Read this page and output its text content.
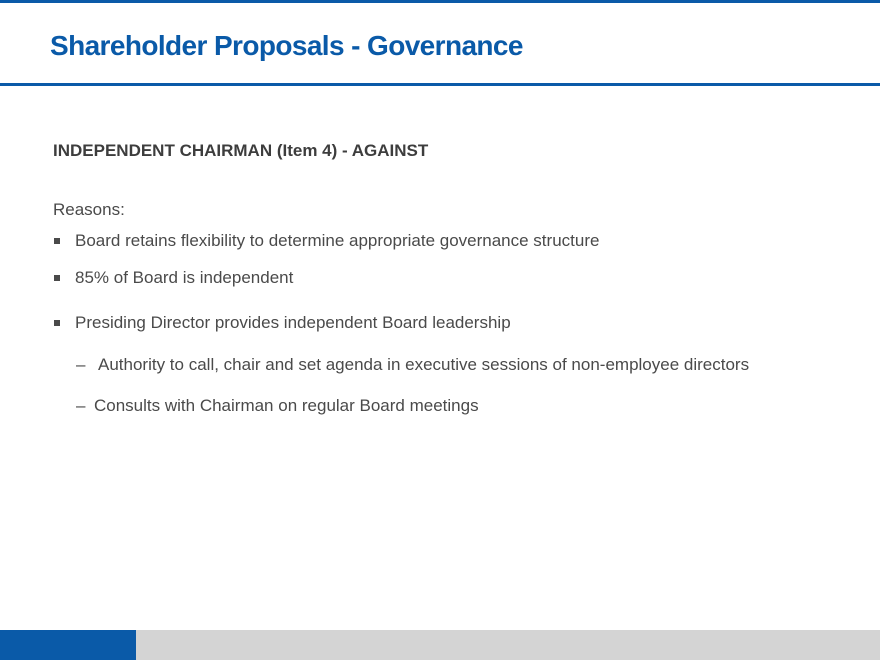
Shareholder Proposals - Governance
INDEPENDENT CHAIRMAN (Item 4) - AGAINST
Reasons:
Board retains flexibility to determine appropriate governance structure
85% of Board is independent
Presiding Director provides independent Board leadership
– Authority to call, chair and set agenda in executive sessions of non-employee directors
– Consults with Chairman on regular Board meetings
